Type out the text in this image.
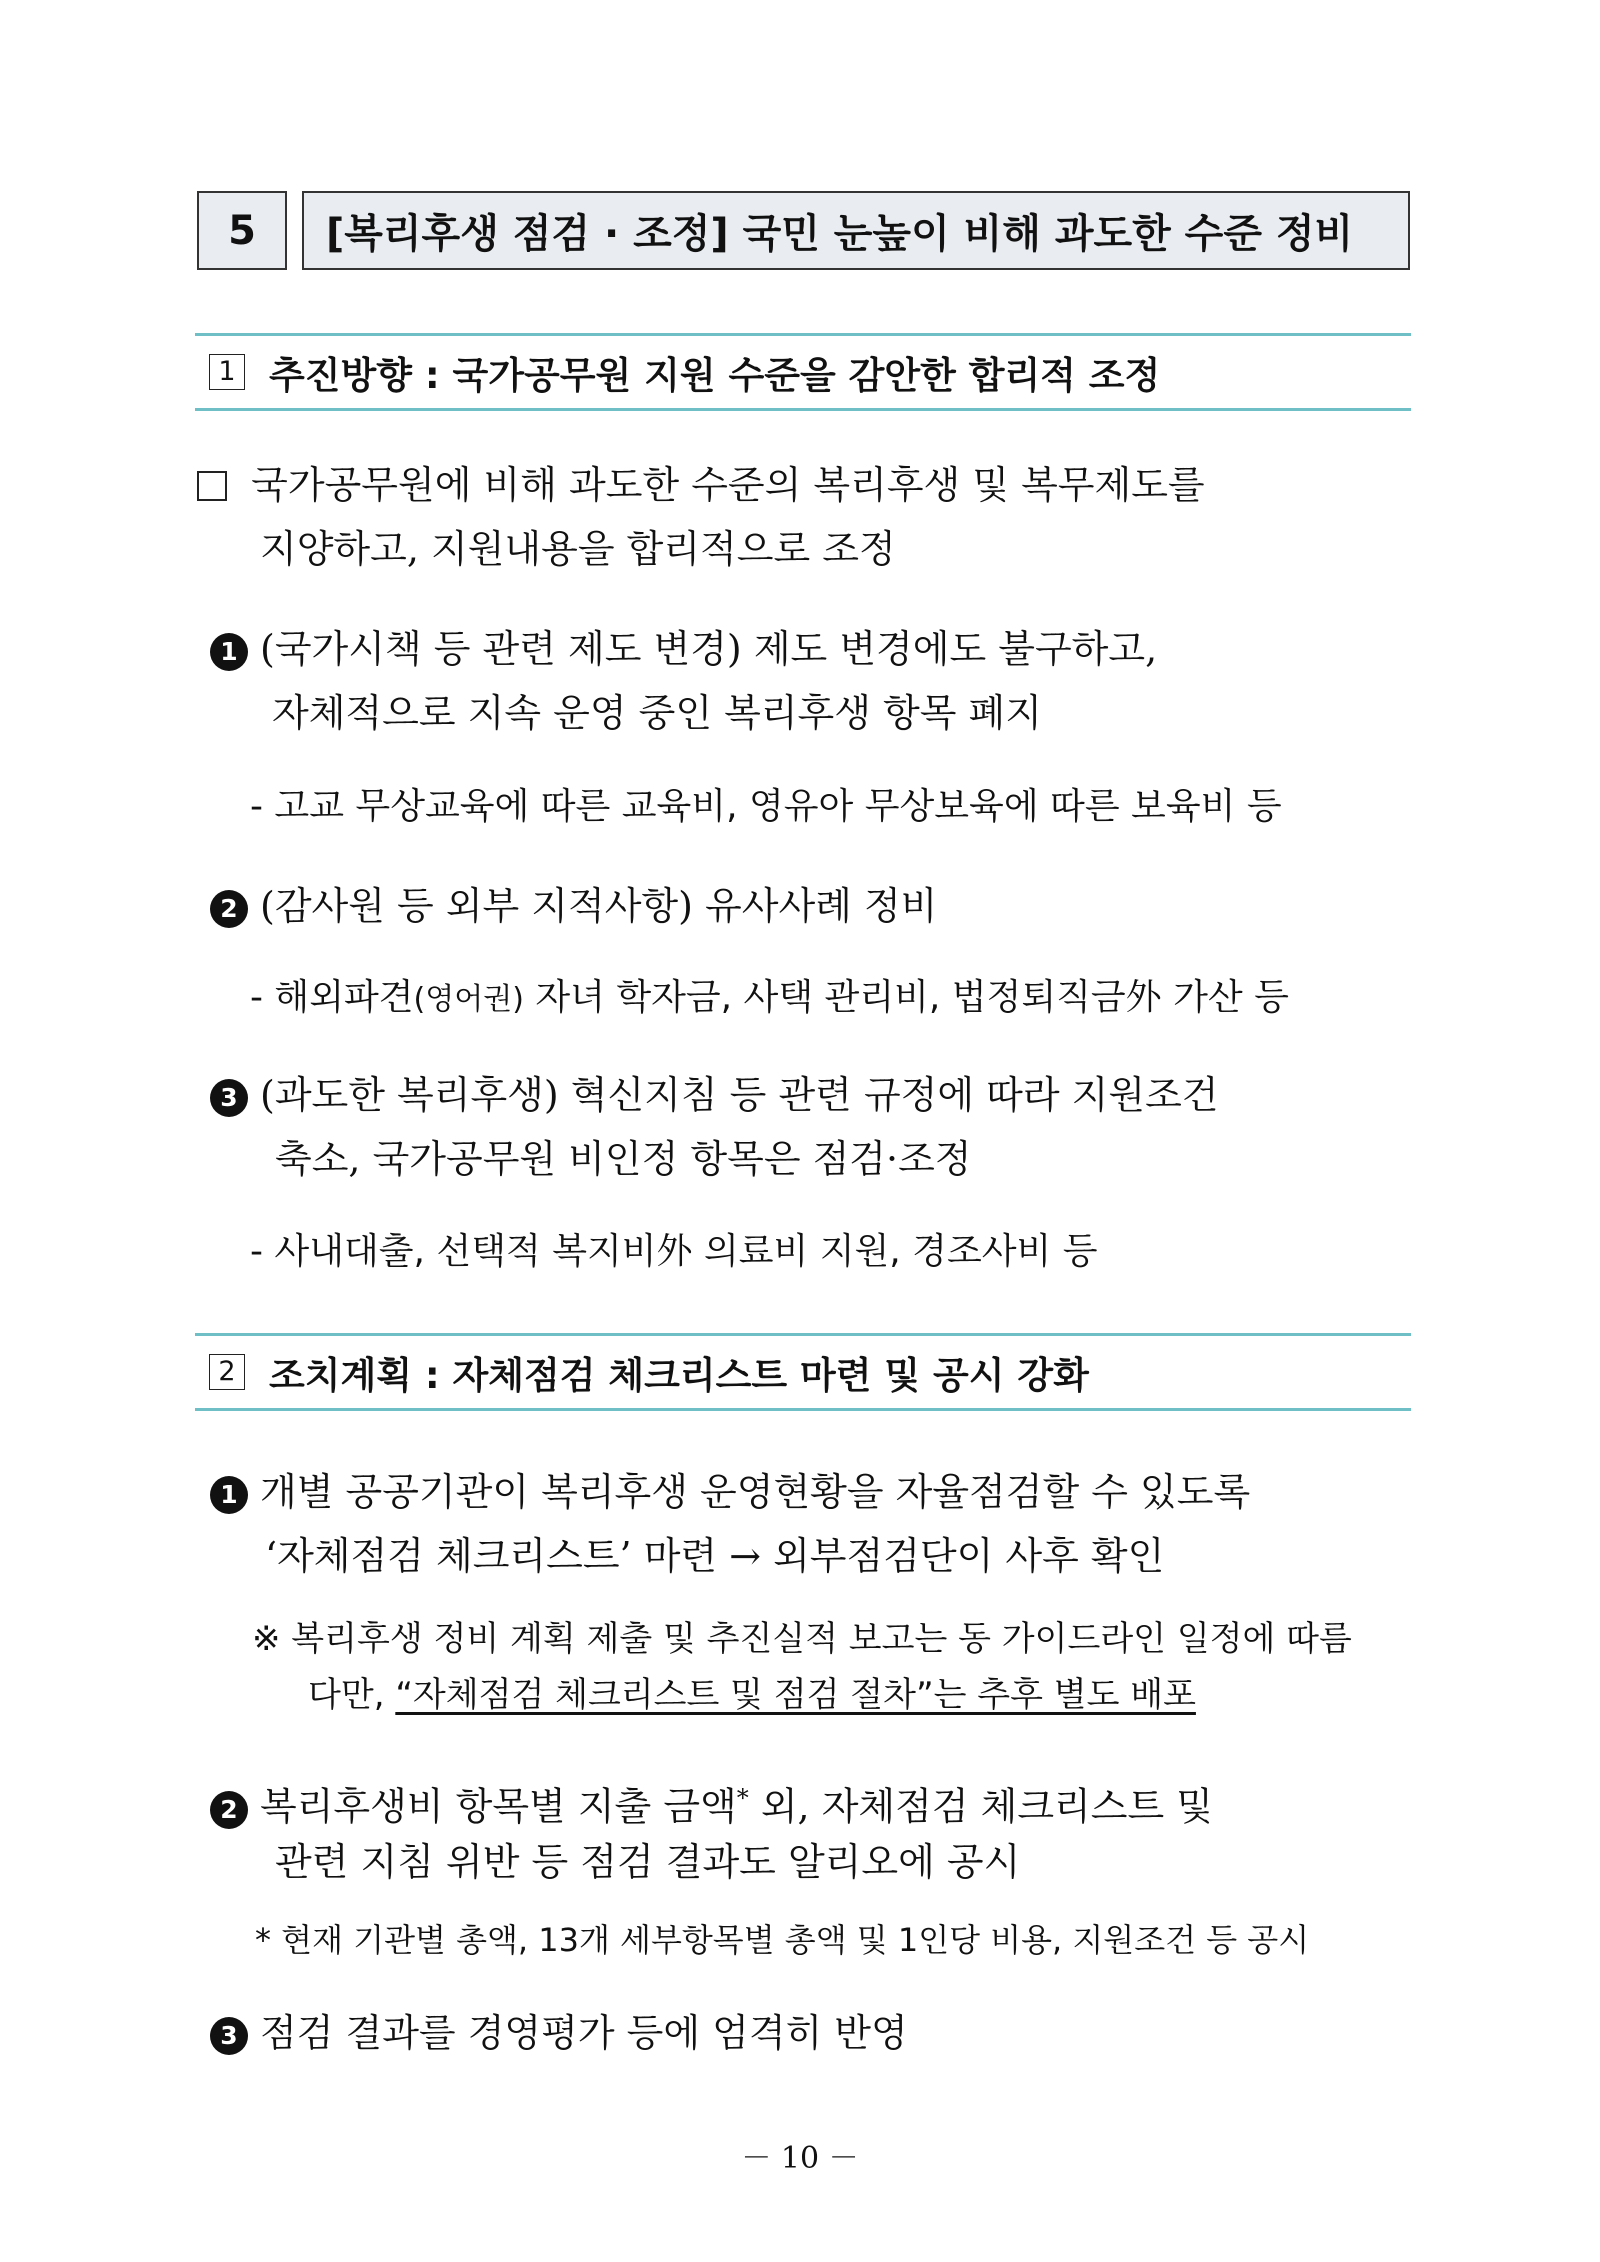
5 [복리후생 점검 · 조정] 국민 눈높이 비해 과도한 수준 정비
1 추진방향 : 국가공무원 지원 수준을 감안한 합리적 조정
국가공무원에 비해 과도한 수준의 복리후생 및 복무제도를
지양하고, 지원내용을 합리적으로 조정
1 (국가시책 등 관련 제도 변경) 제도 변경에도 불구하고,
자체적으로 지속 운영 중인 복리후생 항목 폐지
- 고교 무상교육에 따른 교육비, 영유아 무상보육에 따른 보육비 등
2 (감사원 등 외부 지적사항) 유사사례 정비
- 해외파견(영어권) 자녀 학자금, 사택 관리비, 법정퇴직금外 가산 등
3 (과도한 복리후생) 혁신지침 등 관련 규정에 따라 지원조건
축소, 국가공무원 비인정 항목은 점검·조정
- 사내대출, 선택적 복지비外 의료비 지원, 경조사비 등
2 조치계획 : 자체점검 체크리스트 마련 및 공시 강화
1 개별 공공기관이 복리후생 운영현황을 자율점검할 수 있도록
‘자체점검 체크리스트’ 마련 → 외부점검단이 사후 확인
※ 복리후생 정비 계획 제출 및 추진실적 보고는 동 가이드라인 일정에 따름
다만, “자체점검 체크리스트 및 점검 절차”는 추후 별도 배포
2 복리후생비 항목별 지출 금액* 외, 자체점검 체크리스트 및
관련 지침 위반 등 점검 결과도 알리오에 공시
* 현재 기관별 총액, 13개 세부항목별 총액 및 1인당 비용, 지원조건 등 공시
3 점검 결과를 경영평가 등에 엄격히 반영
－ 10 －
